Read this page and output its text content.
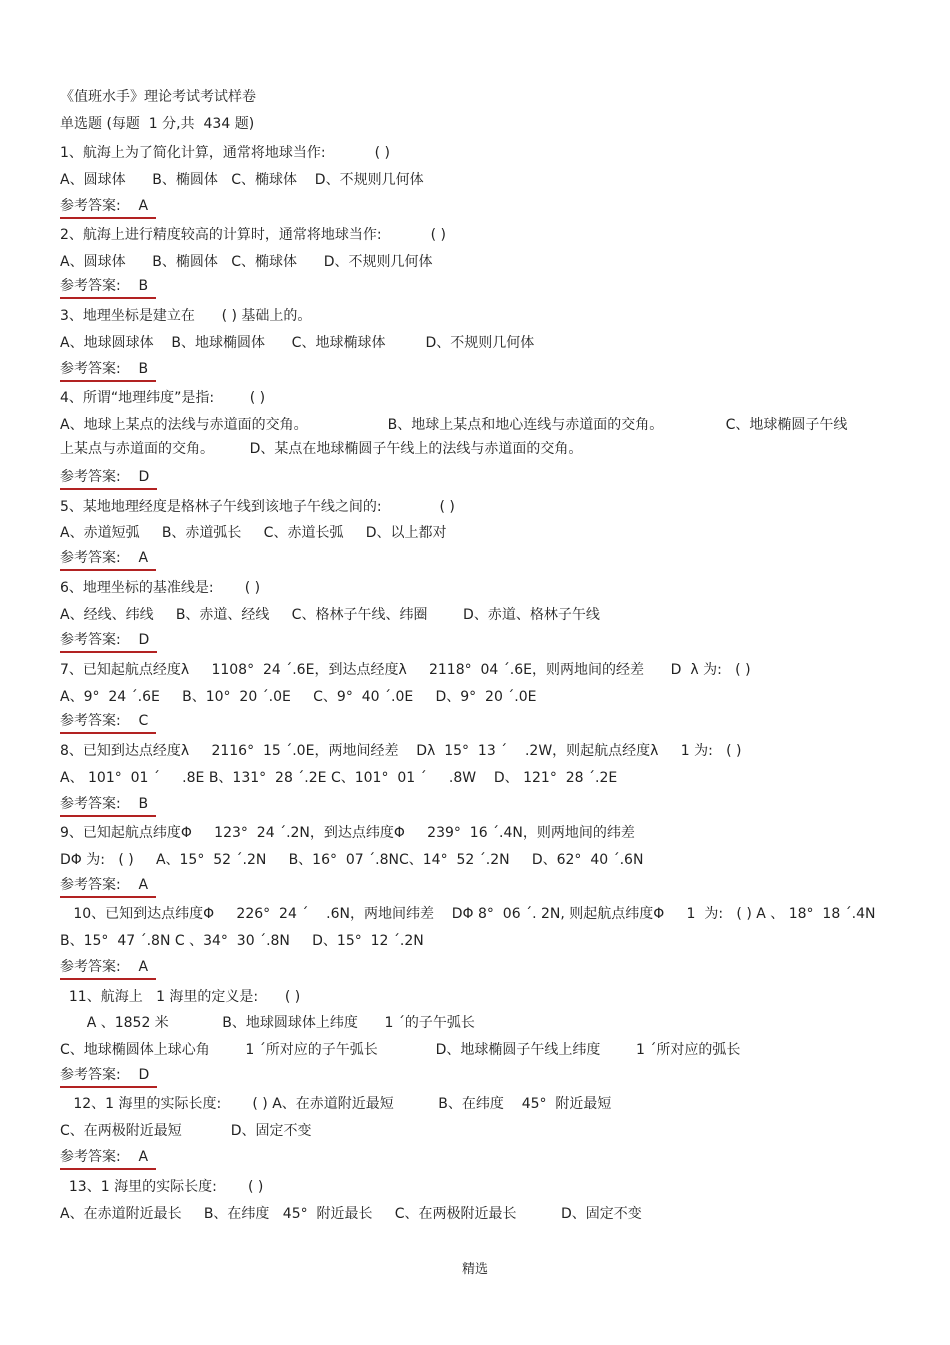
《值班水手》理论考试考试样卷
单选题 (每题  1 分,共  434 题)
1、航海上为了简化计算，通常将地球当作:           ( )
A、圆球体      B、椭圆体   C、椭球体    D、不规则几何体
参考答案:    A
2、航海上进行精度较高的计算时，通常将地球当作:           ( )
A、圆球体      B、椭圆体   C、椭球体      D、不规则几何体
参考答案:    B
3、地理坐标是建立在      ( ) 基础上的。
A、地球圆球体    B、地球椭圆体      C、地球椭球体         D、不规则几何体
参考答案:    B
4、所谓“地理纬度”是指:        ( )
A、地球上某点的法线与赤道面的交角。                  B、地球上某点和地心连线与赤道面的交角。              C、地球椭圆子午线
上某点与赤道面的交角。        D、某点在地球椭圆子午线上的法线与赤道面的交角。
参考答案:    D
5、某地地理经度是格林子午线到该地子午线之间的:             ( )
A、赤道短弧     B、赤道弧长     C、赤道长弧     D、以上都对
参考答案:    A
6、地理坐标的基准线是:       ( )
A、经线、纬线     B、赤道、经线     C、格林子午线、纬圈        D、赤道、格林子午线
参考答案:    D
7、已知起航点经度λ     1108°  24 ˊ.6E，到达点经度λ     2118°  04 ˊ.6E，则两地间的经差      D  λ 为:   ( )
A、9°  24 ˊ.6E     B、10°  20 ˊ.0E     C、9°  40 ˊ.0E     D、9°  20 ˊ.0E
参考答案:    C
8、已知到达点经度λ     2116°  15 ˊ.0E，两地间经差    Dλ  15°  13 ˊ    .2W，则起航点经度λ     1 为:   ( )
A、 101°  01 ˊ     .8E B、131°  28 ˊ.2E C、101°  01 ˊ     .8W    D、 121°  28 ˊ.2E
参考答案:    B
9、已知起航点纬度Φ     123°  24 ˊ.2N，到达点纬度Φ     239°  16 ˊ.4N，则两地间的纬差
DΦ 为:   ( )     A、15°  52 ˊ.2N     B、16°  07 ˊ.8NC、14°  52 ˊ.2N     D、62°  40 ˊ.6N
参考答案:    A
10、已知到达点纬度Φ     226°  24 ˊ    .6N，两地间纬差    DΦ 8°  06 ˊ. 2N, 则起航点纬度Φ     1  为:   ( ) A 、 18°  18 ˊ.4N
B、15°  47 ˊ.8N C 、34°  30 ˊ.8N     D、15°  12 ˊ.2N
参考答案:    A
11、航海上   1 海里的定义是:      ( )
A 、1852 米            B、地球圆球体上纬度      1 ˊ的子午弧长
C、地球椭圆体上球心角        1 ˊ所对应的子午弧长             D、地球椭圆子午线上纬度        1 ˊ所对应的弧长
参考答案:    D
12、1 海里的实际长度:       ( ) A、在赤道附近最短          B、在纬度    45°  附近最短
C、在两极附近最短           D、固定不变
参考答案:    A
13、1 海里的实际长度:       ( )
A、在赤道附近最长     B、在纬度   45°  附近最长     C、在两极附近最长          D、固定不变
精选
